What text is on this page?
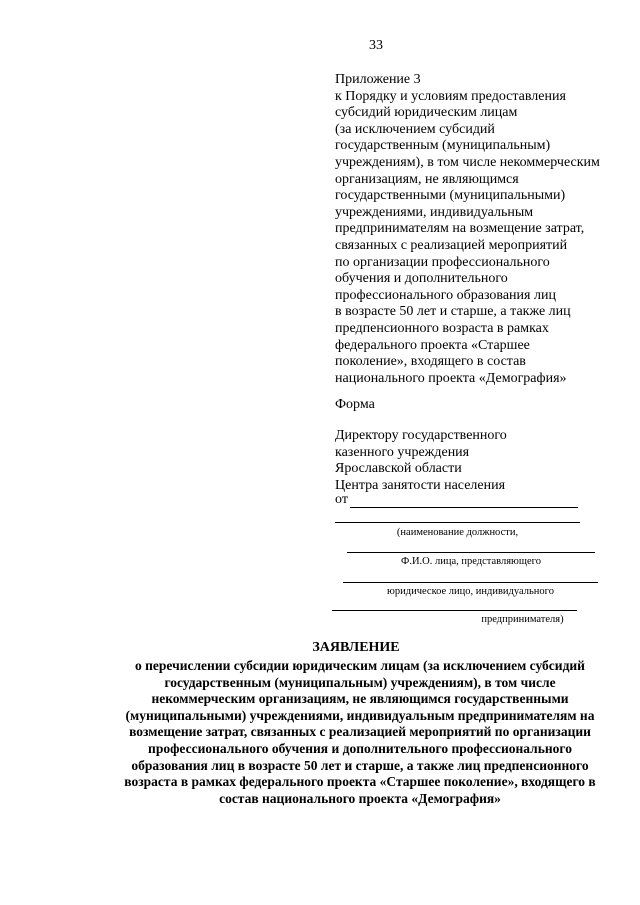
33
Приложение 3
к Порядку и условиям предоставления
субсидий юридическим лицам
(за исключением субсидий
государственным (муниципальным)
учреждениям), в том числе некоммерческим
организациям, не являющимся
государственными (муниципальными)
учреждениями, индивидуальным
предпринимателям на возмещение затрат,
связанных с реализацией мероприятий
по организации профессионального
обучения и дополнительного
профессионального образования лиц
в возрасте 50 лет и старше, а также лиц
предпенсионного возраста в рамках
федерального проекта «Старшее
поколение», входящего в состав
национального проекта «Демография»
Форма
Директору государственного
казенного учреждения
Ярославской области
Центра занятости населения
от
(наименование должности,
Ф.И.О. лица, представляющего
юридическое лицо, индивидуального
предпринимателя)
ЗАЯВЛЕНИЕ
о перечислении субсидии юридическим лицам (за исключением субсидий
государственным (муниципальным) учреждениям), в том числе
некоммерческим организациям, не являющимся государственными
(муниципальными) учреждениями, индивидуальным предпринимателям на
возмещение затрат, связанных с реализацией мероприятий по организации
профессионального обучения и дополнительного профессионального
образования лиц в возрасте 50 лет и старше, а также лиц предпенсионного
возраста в рамках федерального проекта «Старшее поколение», входящего в
состав национального проекта «Демография»
